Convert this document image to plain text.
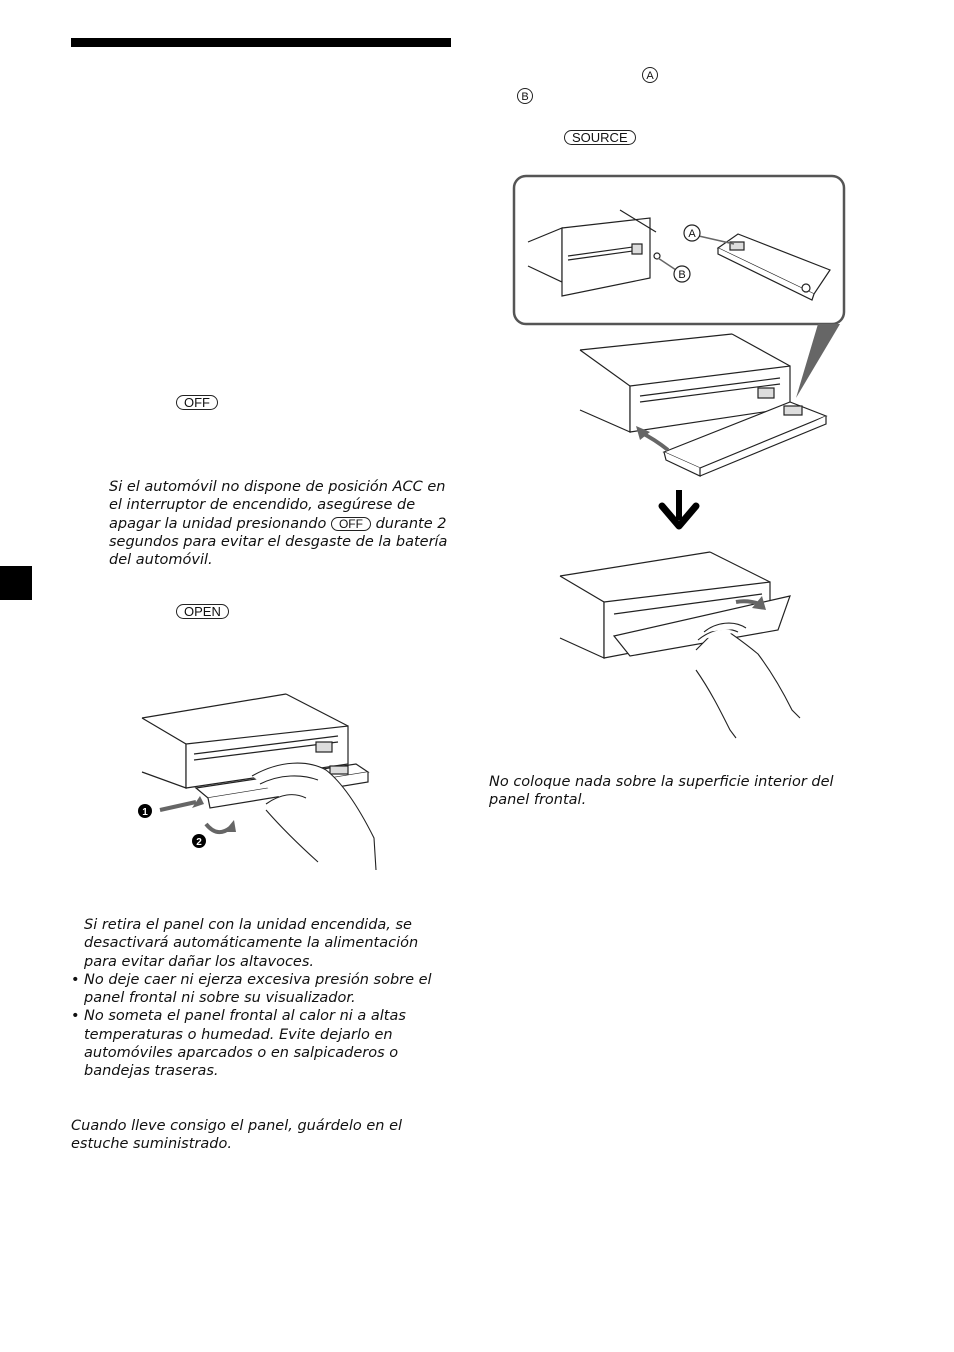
OFF
Si el automóvil no dispone de posición ACC en el interruptor de encendido, asegúrese de apagar la unidad presionando OFF durante 2 segundos para evitar el desgaste de la batería del automóvil.
OPEN
A
B
SOURCE
A
B
1
2
Si retira el panel con la unidad encendida, se desactivará automáticamente la alimentación para evitar dañar los altavoces.
• No deje caer ni ejerza excesiva presión sobre el panel frontal ni sobre su visualizador.
• No someta el panel frontal al calor ni a altas temperaturas o humedad. Evite dejarlo en automóviles aparcados o en salpicaderos o bandejas traseras.
Cuando lleve consigo el panel, guárdelo en el estuche suministrado.
No coloque nada sobre la superficie interior del panel frontal.
